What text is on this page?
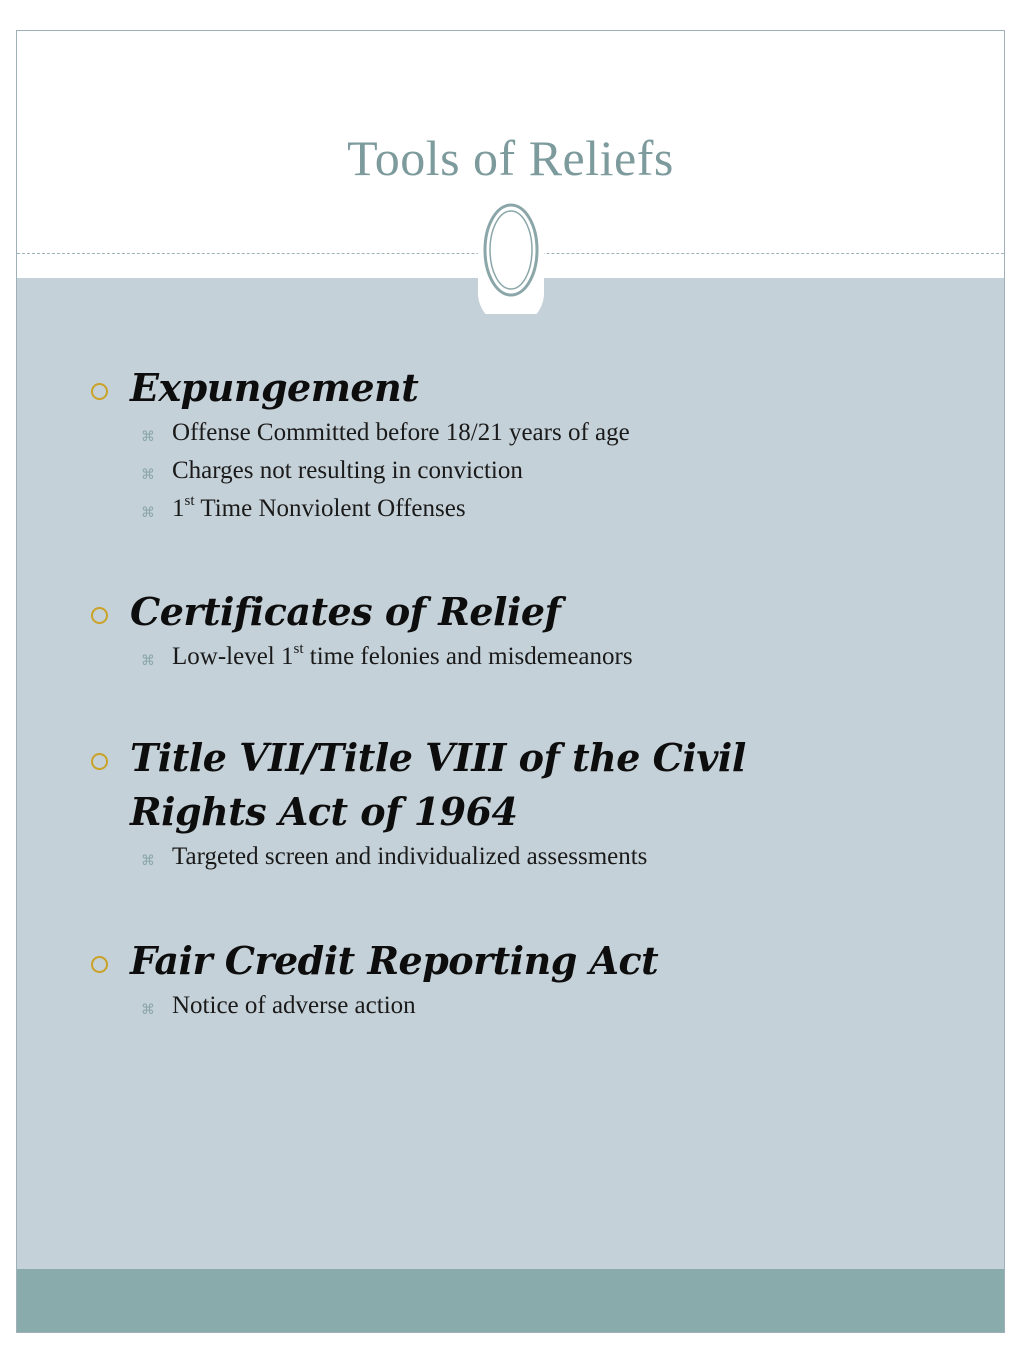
Tools of Reliefs
Expungement
⌘ Offense Committed before 18/21 years of age
⌘ Charges not resulting in conviction
⌘ 1st Time Nonviolent Offenses
Certificates of Relief
⌘ Low-level 1st time felonies and misdemeanors
Title VII/Title VIII of the Civil
Rights Act of 1964
⌘ Targeted screen and individualized assessments
Fair Credit Reporting Act
⌘ Notice of adverse action
